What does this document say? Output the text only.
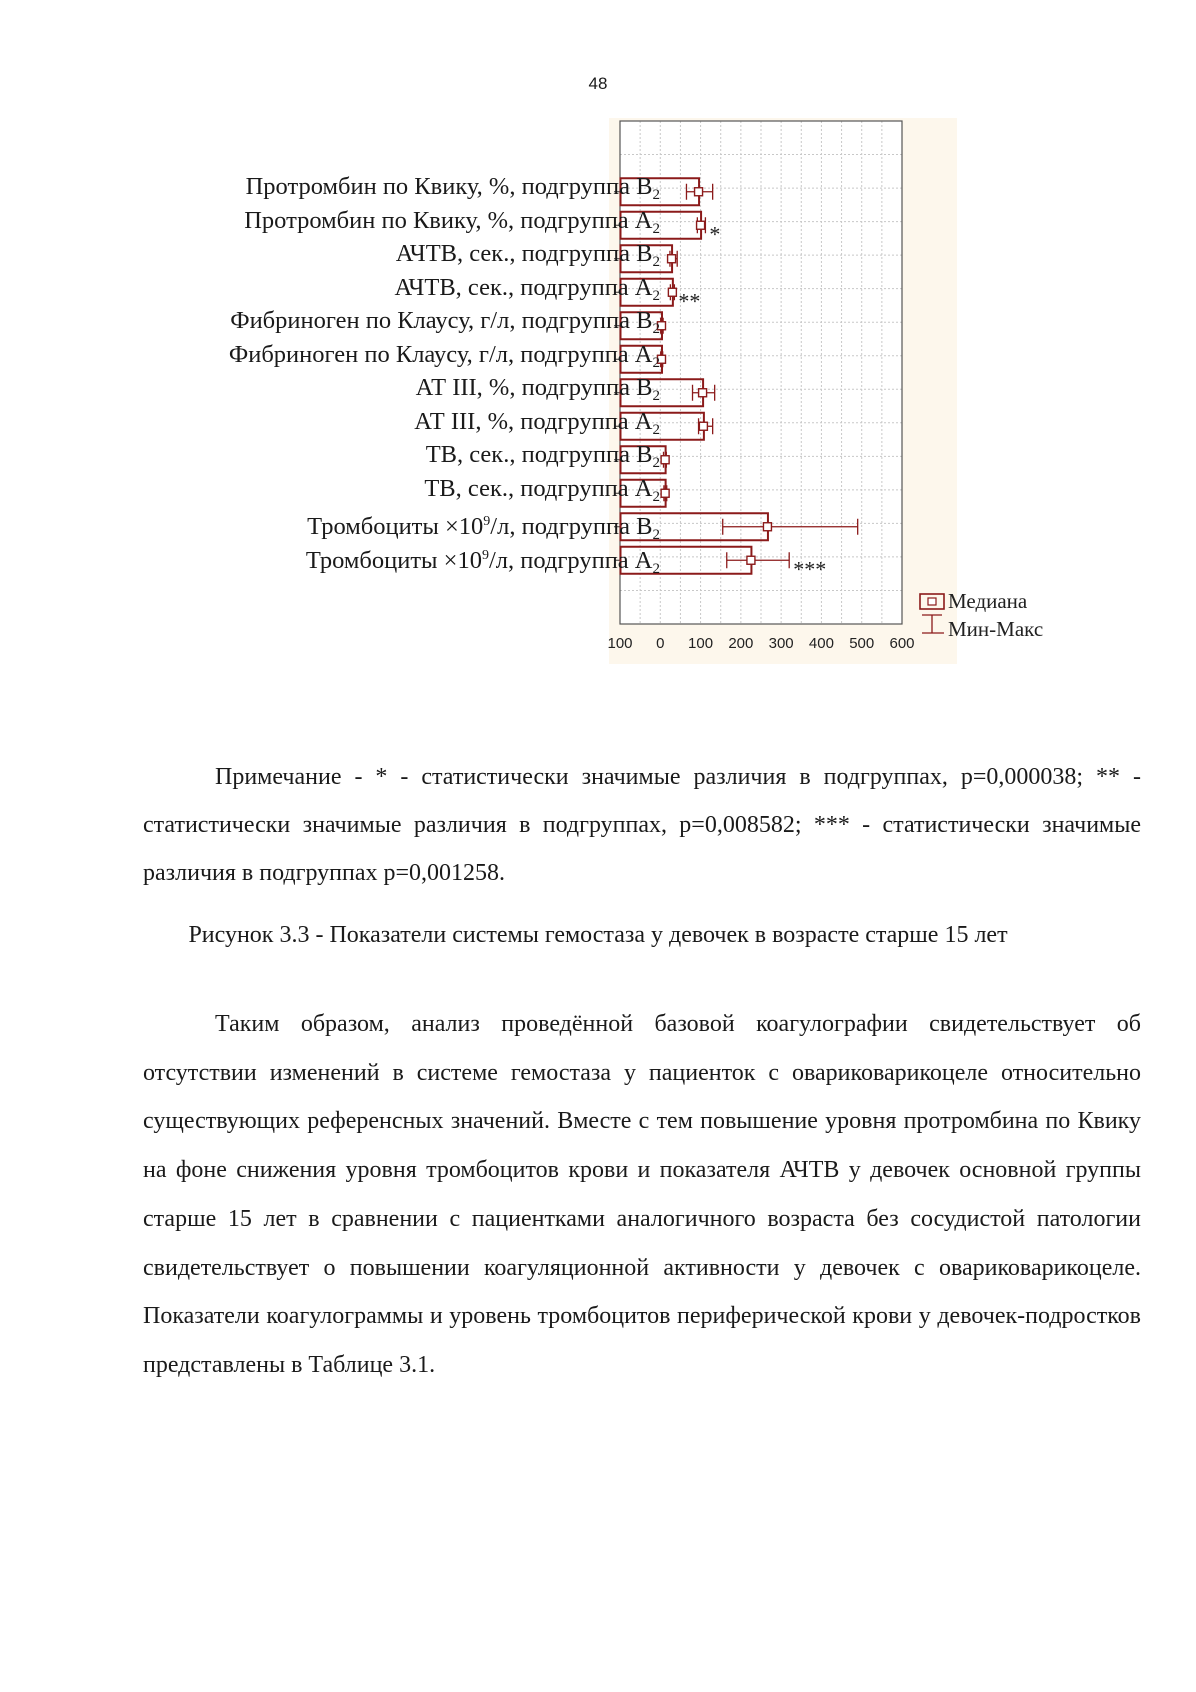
48
*
**
***
100 0 100 200 300 400 500 600
Медиана
Мин-Макс
Протромбин по Квику, %, подгруппа $В_2$
Протромбин по Квику, %, подгруппа $А_2$
АЧТВ, сек., подгруппа $В_2$
АЧТВ, сек., подгруппа $А_2$
Фибриноген по Клаусу, г/л, подгруппа $В_2$
Фибриноген по Клаусу, г/л, подгруппа $А_2$
АТ III, %, подгруппа $В_2$
АТ III, %, подгруппа $А_2$
ТВ, сек., подгруппа $В_2$
ТВ, сек., подгруппа $А_2$
Тромбоциты $\times 10^9/л$, подгруппа $В_2$
Тромбоциты $\times 10^9/л$, подгруппа $А_2$
Примечание - * - статистически значимые различия в подгруппах, р=0,000038; ** - статистически значимые различия в подгруппах, р=0,008582; *** - статистически значимые различия в подгруппах р=0,001258.
Рисунок 3.3 - Показатели системы гемостаза у девочек в возрасте старше 15 лет
Таким образом, анализ проведённой базовой коагулографии свидетельствует об отсутствии изменений в системе гемостаза у пациенток с овариковарикоцеле относительно существующих референсных значений. Вместе с тем повышение уровня протромбина по Квику на фоне снижения уровня тромбоцитов крови и показателя АЧТВ у девочек основной группы старше 15 лет в сравнении с пациентками аналогичного возраста без сосудистой патологии свидетельствует о повышении коагуляционной активности у девочек с овариковарикоцеле. Показатели коагулограммы и уровень тромбоцитов периферической крови у девочек-подростков представлены в Таблице 3.1.
